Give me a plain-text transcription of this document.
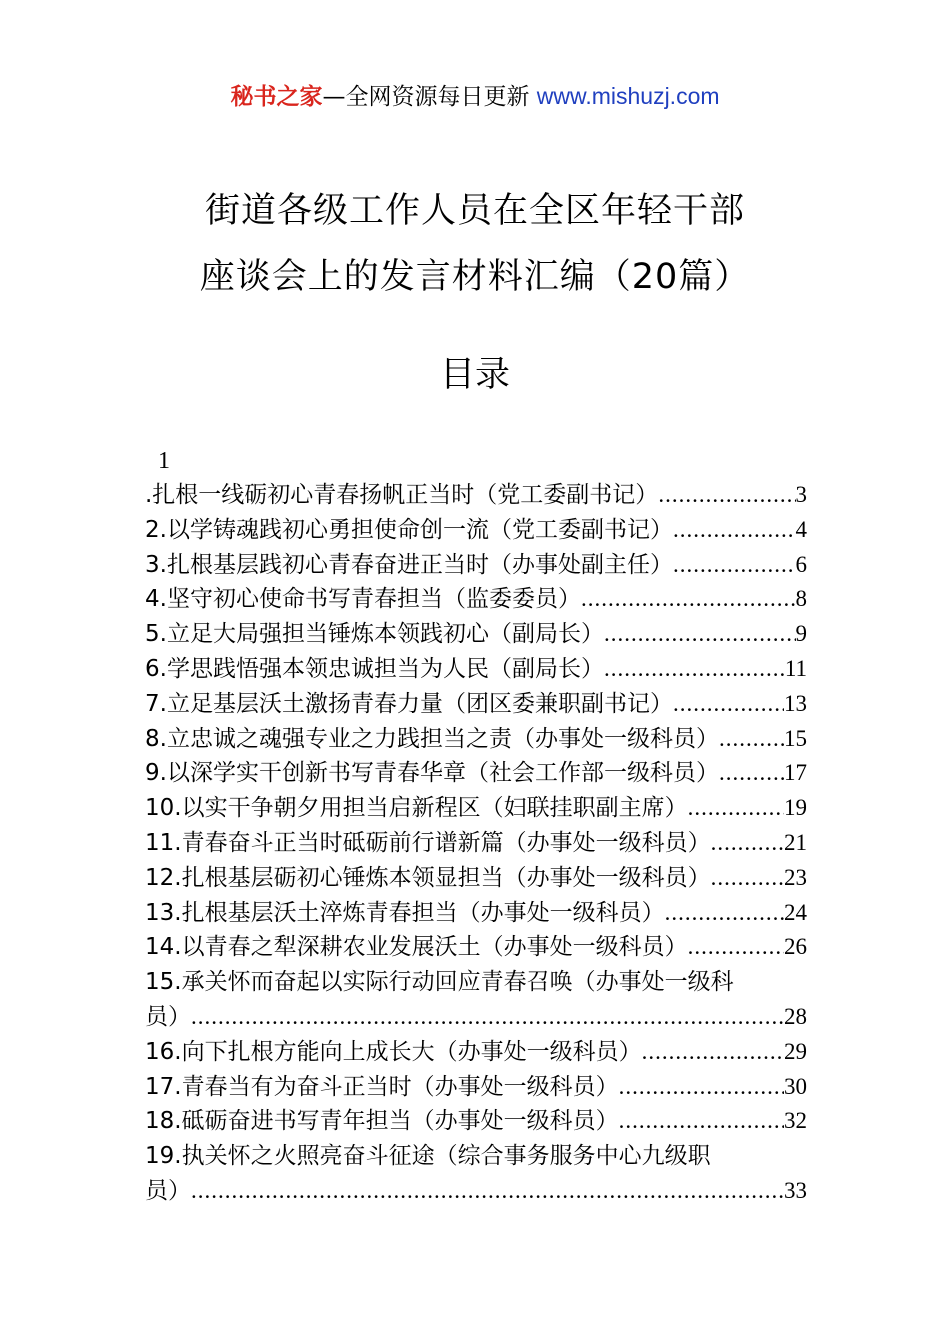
秘书之家—全网资源每日更新 www.mishuzj.com
街道各级工作人员在全区年轻干部
座谈会上的发言材料汇编（20篇）
目录
1
.扎根一线砺初心青春扬帆正当时（党工委副书记） .....	3
2.以学铸魂践初心勇担使命创一流（党工委副书记） .....	4
3.扎根基层践初心青春奋进正当时（办事处副主任） .....	6
4.坚守初心使命书写青春担当（监委委员） .....	8
5.立足大局强担当锤炼本领践初心（副局长） .....	9
6.学思践悟强本领忠诚担当为人民（副局长） .....	11
7.立足基层沃土激扬青春力量（团区委兼职副书记） .....	13
8.立忠诚之魂强专业之力践担当之责（办事处一级科员） .....	15
9.以深学实干创新书写青春华章（社会工作部一级科员） .....	17
10.以实干争朝夕用担当启新程区（妇联挂职副主席） .....	19
11.青春奋斗正当时砥砺前行谱新篇（办事处一级科员） .....	21
12.扎根基层砺初心锤炼本领显担当（办事处一级科员） .....	23
13.扎根基层沃土淬炼青春担当（办事处一级科员） .....	24
14.以青春之犁深耕农业发展沃土（办事处一级科员） .....	26
15.承关怀而奋起以实际行动回应青春召唤（办事处一级科
员） .....	28
16.向下扎根方能向上成长大（办事处一级科员） .....	29
17.青春当有为奋斗正当时（办事处一级科员） .....	30
18.砥砺奋进书写青年担当（办事处一级科员） .....	32
19.执关怀之火照亮奋斗征途（综合事务服务中心九级职
员） .....	33
